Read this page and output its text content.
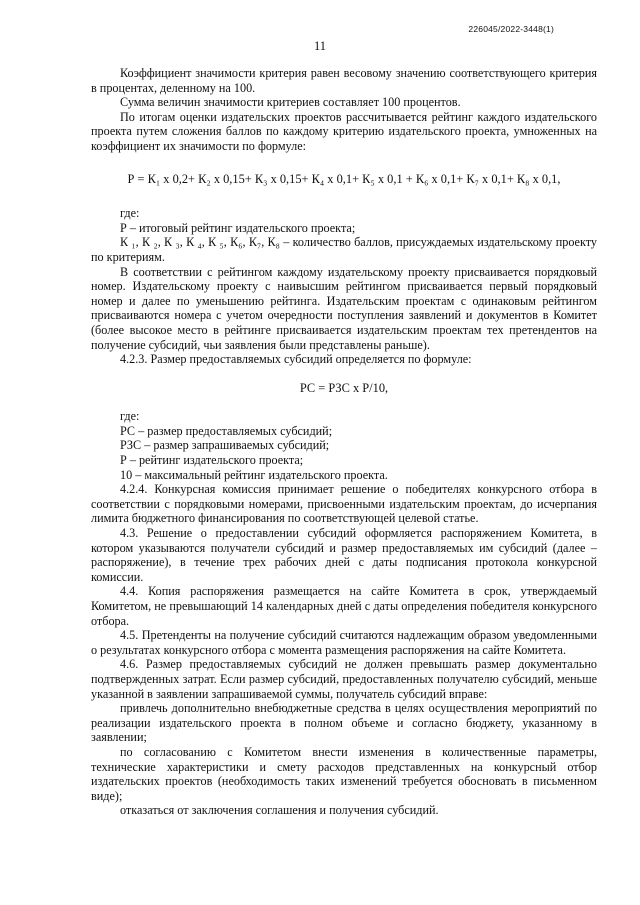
226045/2022-3448(1)
11

Коэффициент значимости критерия равен весовому значению соответствующего критерия в процентах, деленному на 100.

Сумма величин значимости критериев составляет 100 процентов.

По итогам оценки издательских проектов рассчитывается рейтинг каждого издательского проекта путем сложения баллов по каждому критерию издательского проекта, умноженных на коэффициент их значимости по формуле:

Р = К₁ х 0,2+ К₂ х 0,15+ К₃ х 0,15+ К₄ х 0,1+ К₅ х 0,1 + К₆ х 0,1+ К₇ х 0,1+ К₈ х 0,1,

где:

Р – итоговый рейтинг издательского проекта;

К ₁, К ₂, К ₃, К ₄, К ₅, К₆, К₇, К₈ – количество баллов, присуждаемых издательскому проекту по критериям.

В соответствии с рейтингом каждому издательскому проекту присваивается порядковый номер. Издательскому проекту с наивысшим рейтингом присваивается первый порядковый номер и далее по уменьшению рейтинга. Издательским проектам с одинаковым рейтингом присваиваются номера с учетом очередности поступления заявлений и документов в Комитет (более высокое место в рейтинге присваивается издательским проектам тех претендентов на получение субсидий, чьи заявления были представлены раньше).

4.2.3. Размер предоставляемых субсидий определяется по формуле:

РС = РЗС х Р/10,

где:

РС – размер предоставляемых субсидий;

РЗС – размер запрашиваемых субсидий;

Р – рейтинг издательского проекта;

10 – максимальный рейтинг издательского проекта.

4.2.4. Конкурсная комиссия принимает решение о победителях конкурсного отбора в соответствии с порядковыми номерами, присвоенными издательским проектам, до исчерпания лимита бюджетного финансирования по соответствующей целевой статье.

4.3. Решение о предоставлении субсидий оформляется распоряжением Комитета, в котором указываются получатели субсидий и размер предоставляемых им субсидий (далее – распоряжение), в течение трех рабочих дней с даты подписания протокола конкурсной комиссии.

4.4. Копия распоряжения размещается на сайте Комитета в срок, утверждаемый Комитетом, не превышающий 14 календарных дней с даты определения победителя конкурсного отбора.

4.5. Претенденты на получение субсидий считаются надлежащим образом уведомленными о результатах конкурсного отбора с момента размещения распоряжения на сайте Комитета.

4.6. Размер предоставляемых субсидий не должен превышать размер документально подтвержденных затрат. Если размер субсидий, предоставленных получателю субсидий, меньше указанной в заявлении запрашиваемой суммы, получатель субсидий вправе:

привлечь дополнительно внебюджетные средства в целях осуществления мероприятий по реализации издательского проекта в полном объеме и согласно бюджету, указанному в заявлении;

по согласованию с Комитетом внести изменения в количественные параметры, технические характеристики и смету расходов представленных на конкурсный отбор издательских проектов (необходимость таких изменений требуется обосновать в письменном виде);

отказаться от заключения соглашения и получения субсидий.
